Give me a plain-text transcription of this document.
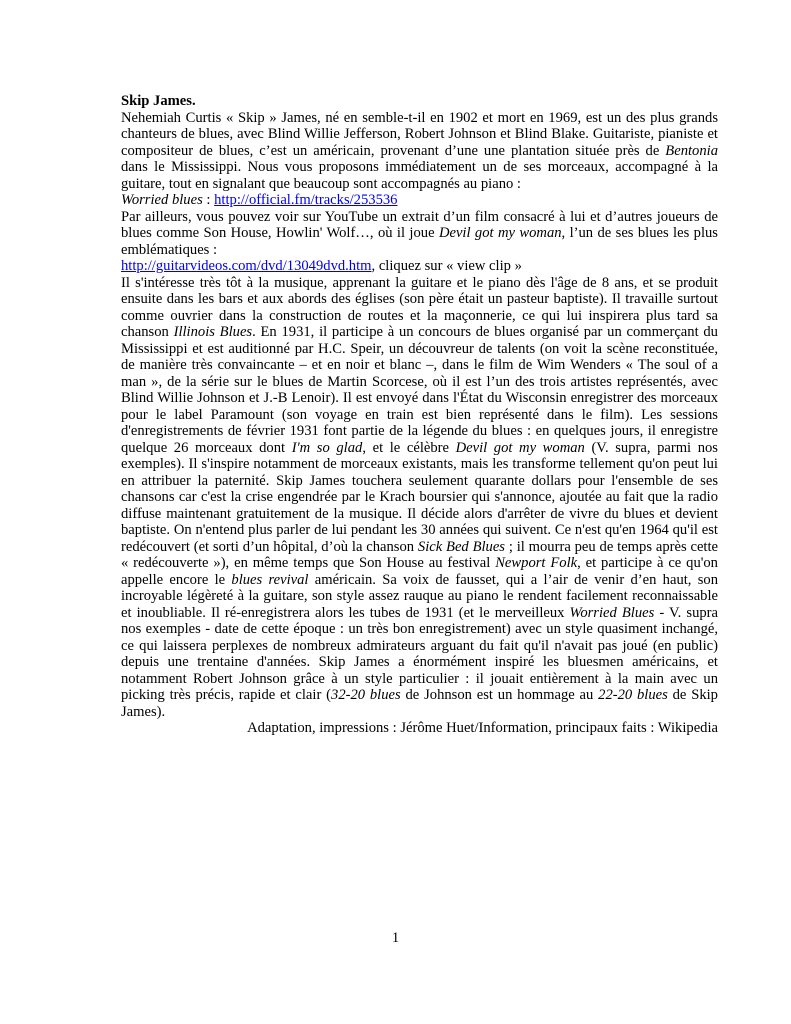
Skip James.

Nehemiah Curtis « Skip » James, né en semble-t-il en 1902 et mort en 1969, est un des plus grands chanteurs de blues, avec Blind Willie Jefferson, Robert Johnson et Blind Blake. Guitariste, pianiste et compositeur de blues, c’est un américain, provenant d’une une plantation située près de Bentonia dans le Mississippi. Nous vous proposons immédiatement un de ses morceaux, accompagné à la guitare, tout en signalant que beaucoup sont accompagnés au piano :

Worried blues : http://official.fm/tracks/253536

Par ailleurs, vous pouvez voir sur YouTube un extrait d’un film consacré à lui et d’autres joueurs de blues comme Son House, Howlin' Wolf…, où il joue Devil got my woman, l’un de ses blues les plus emblématiques :

http://guitarvideos.com/dvd/13049dvd.htm, cliquez sur « view clip »

Il s'intéresse très tôt à la musique, apprenant la guitare et le piano dès l'âge de 8 ans, et se produit ensuite dans les bars et aux abords des églises (son père était un pasteur baptiste). Il travaille surtout comme ouvrier dans la construction de routes et la maçonnerie, ce qui lui inspirera plus tard sa chanson Illinois Blues. En 1931, il participe à un concours de blues organisé par un commerçant du Mississippi et est auditionné par H.C. Speir, un découvreur de talents (on voit la scène reconstituée, de manière très convaincante – et en noir et blanc –, dans le film de Wim Wenders « The soul of a man », de la série sur le blues de Martin Scorcese, où il est l’un des trois artistes représentés, avec Blind Willie Johnson et J.-B Lenoir). Il est envoyé dans l'État du Wisconsin enregistrer des morceaux pour le label Paramount (son voyage en train est bien représenté dans le film). Les sessions d'enregistrements de février 1931 font partie de la légende du blues : en quelques jours, il enregistre quelque 26 morceaux dont I'm so glad, et le célèbre Devil got my woman (V. supra, parmi nos exemples). Il s'inspire notamment de morceaux existants, mais les transforme tellement qu'on peut lui en attribuer la paternité. Skip James touchera seulement quarante dollars pour l'ensemble de ses chansons car c'est la crise engendrée par le Krach boursier qui s'annonce, ajoutée au fait que la radio diffuse maintenant gratuitement de la musique. Il décide alors d'arrêter de vivre du blues et devient baptiste. On n'entend plus parler de lui pendant les 30 années qui suivent. Ce n'est qu'en 1964 qu'il est redécouvert (et sorti d’un hôpital, d’où la chanson Sick Bed Blues ; il mourra peu de temps après cette « redécouverte »), en même temps que Son House au festival Newport Folk, et participe à ce qu'on appelle encore le blues revival américain. Sa voix de fausset, qui a l’air de venir d’en haut, son incroyable légèreté à la guitare, son style assez rauque au piano le rendent facilement reconnaissable et inoubliable. Il ré-enregistrera alors les tubes de 1931 (et le merveilleux Worried Blues - V. supra nos exemples - date de cette époque : un très bon enregistrement) avec un style quasiment inchangé, ce qui laissera perplexes de nombreux admirateurs arguant du fait qu'il n'avait pas joué (en public) depuis une trentaine d'années. Skip James a énormément inspiré les bluesmen américains, et notamment Robert Johnson grâce à un style particulier : il jouait entièrement à la main avec un picking très précis, rapide et clair (32-20 blues de Johnson est un hommage au 22-20 blues de Skip James).

Adaptation, impressions : Jérôme Huet/Information, principaux faits : Wikipedia

1
